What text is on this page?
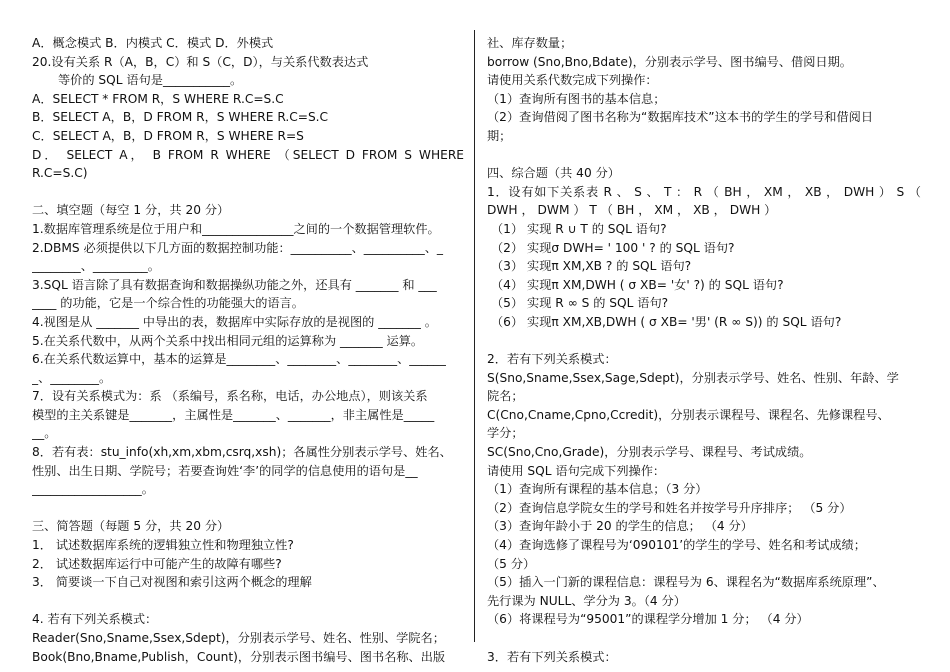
A．概念模式 B．内模式 C．模式 D．外模式
20.设有关系 R（A，B，C）和 S（C，D），与关系代数表达式
等价的 SQL 语句是___________。
A．SELECT * FROM R，S WHERE R.C=S.C
B．SELECT A，B，D FROM R，S WHERE R.C=S.C
C．SELECT A，B，D FROM R，S WHERE R=S
D． SELECT A， B FROM R WHERE （SELECT D FROM S WHERE
R.C=S.C)
二、填空题（每空 1 分，共 20 分）
1.数据库管理系统是位于用户和_______________之间的一个数据管理软件。
2.DBMS 必须提供以下几方面的数据控制功能：__________、__________、_
________、_________。
3.SQL 语言除了具有数据查询和数据操纵功能之外，还具有 _______ 和 ___
____ 的功能，它是一个综合性的功能强大的语言。
4.视图是从 _______ 中导出的表，数据库中实际存放的是视图的 _______ 。
5.在关系代数中，从两个关系中找出相同元组的运算称为 _______ 运算。
6.在关系代数运算中，基本的运算是________、________、________、______
_、________。
7．设有关系模式为：系 （系编号，系名称，电话，办公地点），则该关系
模型的主关系键是_______，主属性是_______、_______，非主属性是_____
__。
8．若有表：stu_info(xh,xm,xbm,csrq,xsh)；各属性分别表示学号、姓名、
性别、出生日期、学院号；若要查询姓‘李’的同学的信息使用的语句是__
__________________。
三、简答题（每题 5 分，共 20 分）
1． 试述数据库系统的逻辑独立性和物理独立性?
2． 试述数据库运行中可能产生的故障有哪些?
3． 简要谈一下自己对视图和索引这两个概念的理解
4. 若有下列关系模式：
Reader(Sno,Sname,Ssex,Sdept)，分别表示学号、姓名、性别、学院名；
Book(Bno,Bname,Publish，Count)，分别表示图书编号、图书名称、出版
社、库存数量；
borrow (Sno,Bno,Bdate)，分别表示学号、图书编号、借阅日期。
请使用关系代数完成下列操作：
（1）查询所有图书的基本信息；
（2）查询借阅了图书名称为“数据库技术”这本书的学生的学号和借阅日
期；
四、综合题（共 40 分）
1．设有如下关系表 R 、 S 、 T ： R （ BH ， XM ， XB ， DWH ） S （
DWH ， DWM ） T （ BH ， XM ， XB ， DWH ）
（1） 实现 R ∪ T 的 SQL 语句?
（2） 实现σ DWH= ' 100 ' ? 的 SQL 语句?
（3） 实现π XM,XB ? 的 SQL 语句?
（4） 实现π XM,DWH ( σ XB= '女' ?) 的 SQL 语句?
（5） 实现 R ∞ S 的 SQL 语句?
（6） 实现π XM,XB,DWH ( σ XB= '男' (R ∞ S)) 的 SQL 语句?
2．若有下列关系模式：
S(Sno,Sname,Ssex,Sage,Sdept)，分别表示学号、姓名、性别、年龄、学
院名；
C(Cno,Cname,Cpno,Ccredit)，分别表示课程号、课程名、先修课程号、
学分；
SC(Sno,Cno,Grade)，分别表示学号、课程号、考试成绩。
请使用 SQL 语句完成下列操作：
（1）查询所有课程的基本信息；（3 分）
（2）查询信息学院女生的学号和姓名并按学号升序排序； （5 分）
（3）查询年龄小于 20 的学生的信息； （4 分）
（4）查询选修了课程号为‘090101’的学生的学号、姓名和考试成绩；
（5 分）
（5）插入一门新的课程信息：课程号为 6、课程名为“数据库系统原理”、
先行课为 NULL、学分为 3。（4 分）
（6）将课程号为“95001”的课程学分增加 1 分； （4 分）
3．若有下列关系模式：
